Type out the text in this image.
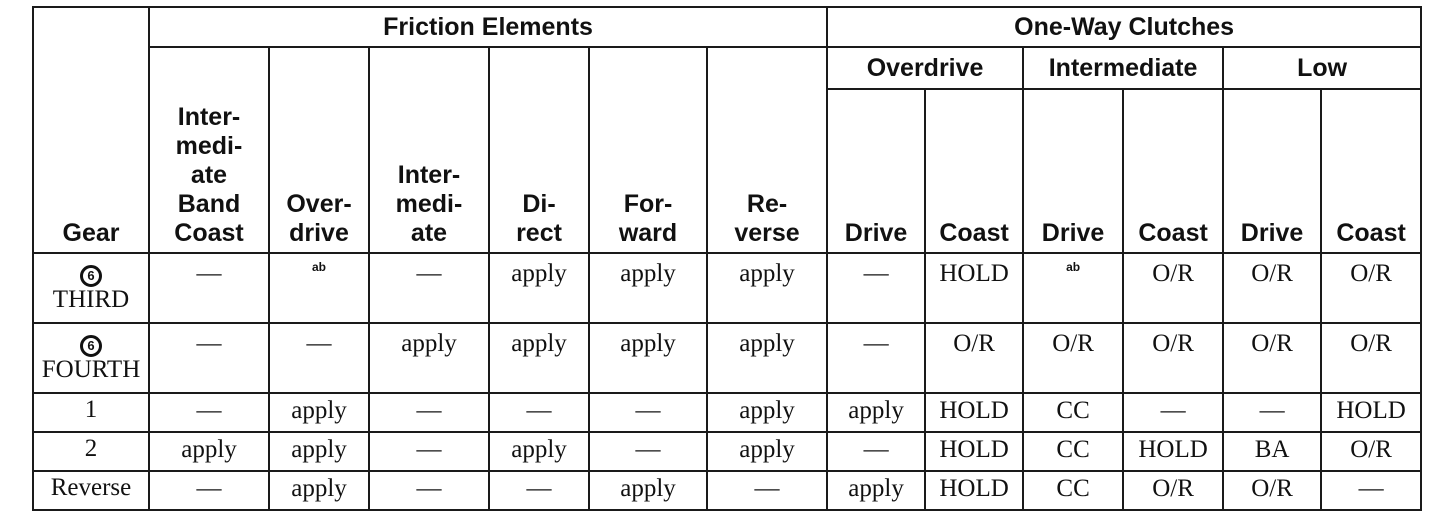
Gear	Friction Elements						One-Way Clutches					
	Inter-
medi-
ate
Band
Coast	Over-
drive	Inter-
medi-
ate	Di-
rect	For-
ward	Re-
verse	Overdrive		Intermediate		Low	
							Drive	Coast	Drive	Coast	Drive	Coast
6
THIRD	—	$^{ab}$	—	apply	apply	apply	—	HOLD	$^{ab}$	O/R	O/R	O/R
6
FOURTH	—	—	apply	apply	apply	apply	—	O/R	O/R	O/R	O/R	O/R
1	—	apply	—	—	—	apply	apply	HOLD	CC	—	—	HOLD
2	apply	apply	—	apply	—	apply	—	HOLD	CC	HOLD	BA	O/R
Reverse	—	apply	—	—	apply	—	apply	HOLD	CC	O/R	O/R	—
